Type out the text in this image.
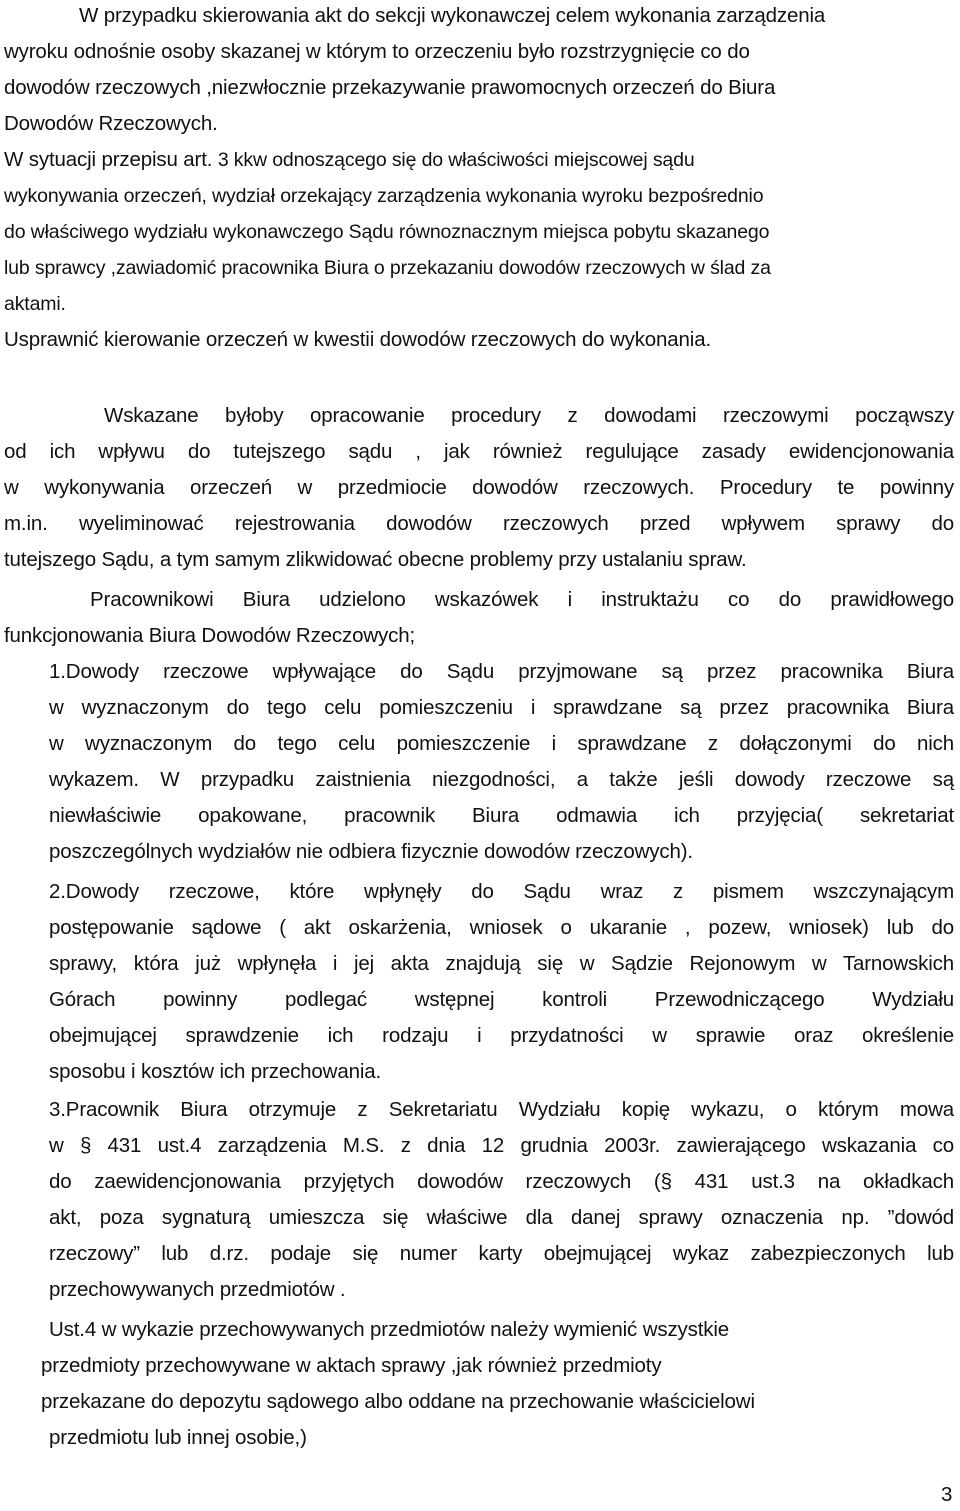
W przypadku skierowania akt do sekcji wykonawczej celem wykonania zarządzenia
wyroku odnośnie osoby skazanej w którym to orzeczeniu było rozstrzygnięcie co do
dowodów rzeczowych ,niezwłocznie przekazywanie prawomocnych orzeczeń do Biura
Dowodów Rzeczowych.
W sytuacji przepisu art. 3 kkw odnoszącego się do właściwości miejscowej sądu
wykonywania orzeczeń, wydział orzekający zarządzenia wykonania wyroku bezpośrednio
do właściwego wydziału wykonawczego Sądu równoznacznym miejsca pobytu skazanego
lub sprawcy ,zawiadomić pracownika Biura o przekazaniu dowodów rzeczowych w ślad za
aktami.
Usprawnić kierowanie orzeczeń w kwestii dowodów rzeczowych do wykonania.
Wskazane byłoby opracowanie procedury z dowodami rzeczowymi począwszy
od ich wpływu do tutejszego sądu , jak również regulujące zasady ewidencjonowania
w wykonywania orzeczeń w przedmiocie dowodów rzeczowych. Procedury te powinny
m.in. wyeliminować rejestrowania dowodów rzeczowych przed wpływem sprawy do
tutejszego Sądu, a tym samym zlikwidować obecne problemy przy ustalaniu spraw.
Pracownikowi Biura udzielono wskazówek i instruktażu co do prawidłowego
funkcjonowania Biura Dowodów Rzeczowych;
1.Dowody rzeczowe wpływające do Sądu przyjmowane są przez pracownika Biura
w wyznaczonym do tego celu pomieszczeniu i sprawdzane są przez pracownika Biura
w wyznaczonym do tego celu pomieszczenie i sprawdzane z dołączonymi do nich
wykazem. W przypadku zaistnienia niezgodności, a także jeśli dowody rzeczowe są
niewłaściwie opakowane, pracownik Biura odmawia ich przyjęcia( sekretariat
poszczególnych wydziałów nie odbiera fizycznie dowodów rzeczowych).
2.Dowody rzeczowe, które wpłynęły do Sądu wraz z pismem wszczynającym
postępowanie sądowe ( akt oskarżenia, wniosek o ukaranie , pozew, wniosek) lub do
sprawy, która już wpłynęła i jej akta znajdują się w Sądzie Rejonowym w Tarnowskich
Górach powinny podlegać wstępnej kontroli Przewodniczącego Wydziału
obejmującej sprawdzenie ich rodzaju i przydatności w sprawie oraz określenie
sposobu i kosztów ich przechowania.
3.Pracownik Biura otrzymuje z Sekretariatu Wydziału kopię wykazu, o którym mowa
w § 431 ust.4 zarządzenia M.S. z dnia 12 grudnia 2003r. zawierającego wskazania co
do zaewidencjonowania przyjętych dowodów rzeczowych (§ 431 ust.3 na okładkach
akt, poza sygnaturą umieszcza się właściwe dla danej sprawy oznaczenia np. ”dowód
rzeczowy” lub d.rz. podaje się numer karty obejmującej wykaz zabezpieczonych lub
przechowywanych przedmiotów .
Ust.4 w wykazie przechowywanych przedmiotów należy wymienić wszystkie
przedmioty przechowywane w aktach sprawy ,jak również przedmioty
przekazane do depozytu sądowego albo oddane na przechowanie właścicielowi
przedmiotu lub innej osobie,)
3
